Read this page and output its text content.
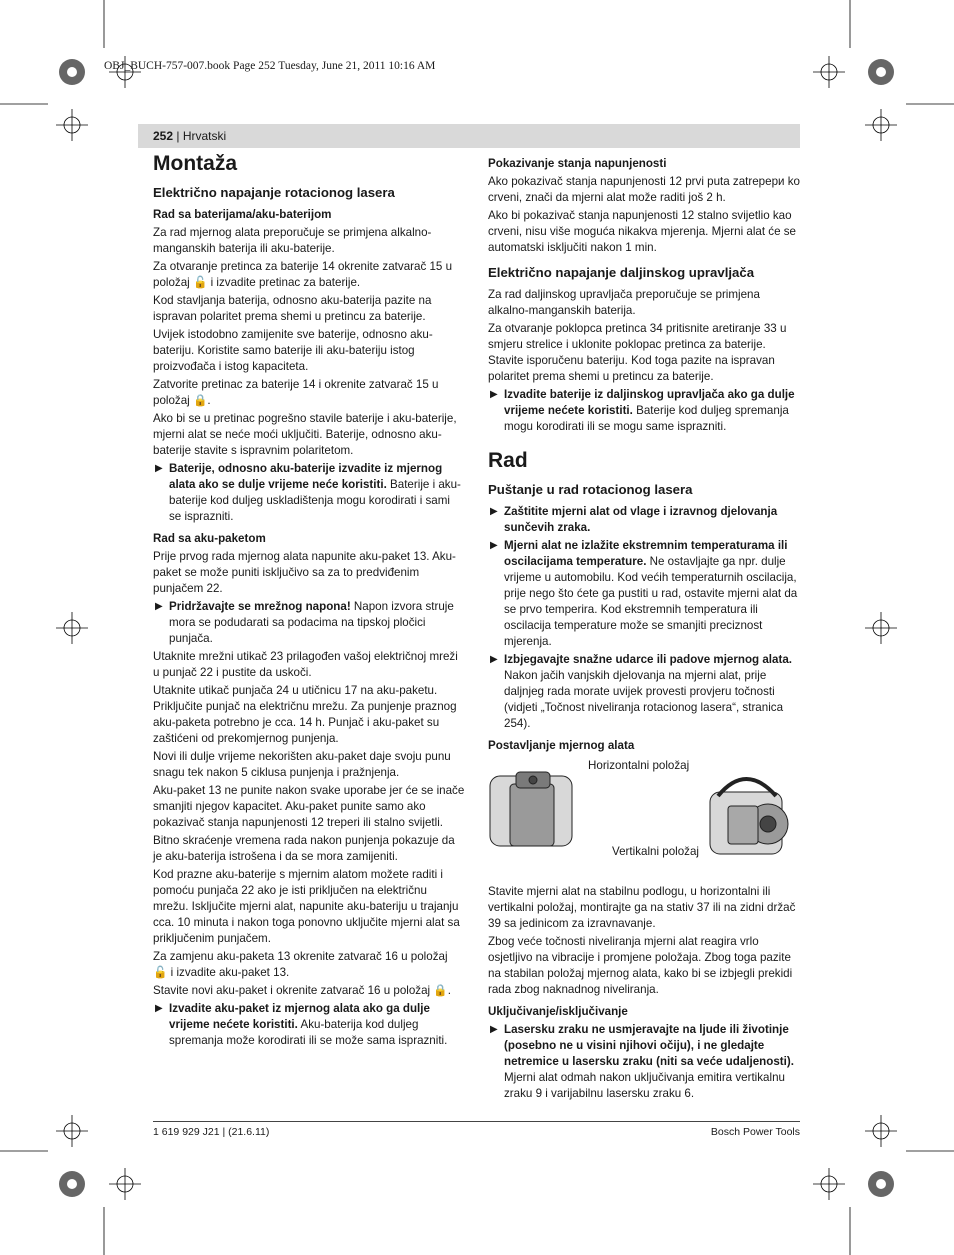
OBJ_BUCH-757-007.book Page 252 Tuesday, June 21, 2011 10:16 AM
252 | Hrvatski
Montaža
Električno napajanje rotacionog lasera
Rad sa baterijama/aku-baterijom

Za rad mjernog alata preporučuje se primjena alkalno-manganskih baterija ili aku-baterije.

Za otvaranje pretinca za baterije 14 okrenite zatvarač 15 u položaj 🔓 i izvadite pretinac za baterije.

Kod stavljanja baterija, odnosno aku-baterija pazite na ispravan polaritet prema shemi u pretincu za baterije.

Uvijek istodobno zamijenite sve baterije, odnosno aku-bateriju. Koristite samo baterije ili aku-bateriju istog proizvođača i istog kapaciteta.

Zatvorite pretinac za baterije 14 i okrenite zatvarač 15 u položaj 🔒.

Ako bi se u pretinac pogrešno stavile baterije i aku-baterije, mjerni alat se neće moći uključiti. Baterije, odnosno aku-baterije stavite s ispravnim polaritetom.

▶ Baterije, odnosno aku-baterije izvadite iz mjernog alata ako se dulje vrijeme neće koristiti. Baterije i aku-baterije kod duljeg uskladištenja mogu korodirati i sami se isprazniti.
Rad sa aku-paketom

Prije prvog rada mjernog alata napunite aku-paket 13. Aku-paket se može puniti isključivo sa za to predviđenim punjačem 22.

▶ Pridržavajte se mrežnog napona! Napon izvora struje mora se podudarati sa podacima na tipskoj pločici punjača.

Utaknite mrežni utikač 23 prilagođen vašoj električnoj mreži u punjač 22 i pustite da uskoči.

Utaknite utikač punjača 24 u utičnicu 17 na aku-paketu. Priključite punjač na električnu mrežu. Za punjenje praznog aku-paketa potrebno je cca. 14 h. Punjač i aku-paket su zaštićeni od prekomjernog punjenja.

Novi ili dulje vrijeme nekorišten aku-paket daje svoju punu snagu tek nakon 5 ciklusa punjenja i pražnjenja.

Aku-paket 13 ne punite nakon svake uporabe jer će se inače smanjiti njegov kapacitet. Aku-paket punite samo ako pokazivač stanja napunjenosti 12 treperi ili stalno svijetli.

Bitno skraćenje vremena rada nakon punjenja pokazuje da je aku-baterija istrošena i da se mora zamijeniti.

Kod prazne aku-baterije s mjernim alatom možete raditi i pomoću punjača 22 ako je isti priključen na električnu mrežu. Isključite mjerni alat, napunite aku-bateriju u trajanju cca. 10 minuta i nakon toga ponovno uključite mjerni alat sa priključenim punjačem.

Za zamjenu aku-paketa 13 okrenite zatvarač 16 u položaj 🔓 i izvadite aku-paket 13.

Stavite novi aku-paket i okrenite zatvarač 16 u položaj 🔒.

▶ Izvadite aku-paket iz mjernog alata ako ga dulje vrijeme nećete koristiti. Aku-baterija kod duljeg spremanja može korodirati ili se može sama isprazniti.
Pokazivanje stanja napunjenosti

Ako pokazivač stanja napunjenosti 12 prvi puta zatrepери ko crveni, znači da mjerni alat može raditi još 2 h.

Ako bi pokazivač stanja napunjenosti 12 stalno svijetlio kao crveni, nisu više moguća nikakva mjerenja. Mjerni alat će se automatski isključiti nakon 1 min.

Električno napajanje daljinskog upravljača

Za rad daljinskog upravljača preporučuje se primjena alkalno-manganskih baterija.

Za otvaranje poklopca pretinca 34 pritisnite aretiranje 33 u smjeru strelice i uklonite poklopac pretinca za baterije. Stavite isporučenu bateriju. Kod toga pazite na ispravan polaritet prema shemi u pretincu za baterije.

▶ Izvadite baterije iz daljinskog upravljača ako ga dulje vrijeme nećete koristiti. Baterije kod duljeg spremanja mogu korodirati ili se mogu same isprazniti.
Rad
Puštanje u rad rotacionog lasera
▶ Zaštitite mjerni alat od vlage i izravnog djelovanja sunčevih zraka.
▶ Mjerni alat ne izlažite ekstremnim temperaturama ili oscilacijama temperature. Ne ostavljajte ga npr. dulje vrijeme u automobilu. Kod većih temperaturnih oscilacija, prije nego što ćete ga pustiti u rad, ostavite mjerni alat da se prvo temperira. Kod ekstremnih temperatura ili oscilacija temperature može se smanjiti preciznost mjerenja.
▶ Izbjegavajte snažne udarce ili padove mjernog alata. Nakon jačih vanjskih djelovanja na mjerni alat, prije daljnjeg rada morate uvijek provesti provjeru točnosti (vidjeti „Točnost niveliranja rotacionog lasera“, stranica 254).
Postavljanje mjernog alata
Horizontalni položaj
Vertikalni položaj

Stavite mjerni alat na stabilnu podlogu, u horizontalni ili vertikalni položaj, montirajte ga na stativ 37 ili na zidni držač 39 sa jedinicom za izravnavanje.

Zbog veće točnosti niveliranja mjerni alat reagira vrlo osjetljivo na vibracije i promjene položaja. Zbog toga pazite na stabilan položaj mjernog alata, kako bi se izbjegli prekidi rada zbog naknadnog niveliranja.

Uključivanje/isključivanje
▶ Lasersku zraku ne usmjeravajte na ljude ili životinje (posebno ne u visini njihovi očiju), i ne gledajte netremice u lasersku zraku (niti sa veće udaljenosti). Mjerni alat odmah nakon uključivanja emitira vertikalnu zraku 9 i varijabilnu lasersku zraku 6.
1 619 929 J21 | (21.6.11)	Bosch Power Tools
